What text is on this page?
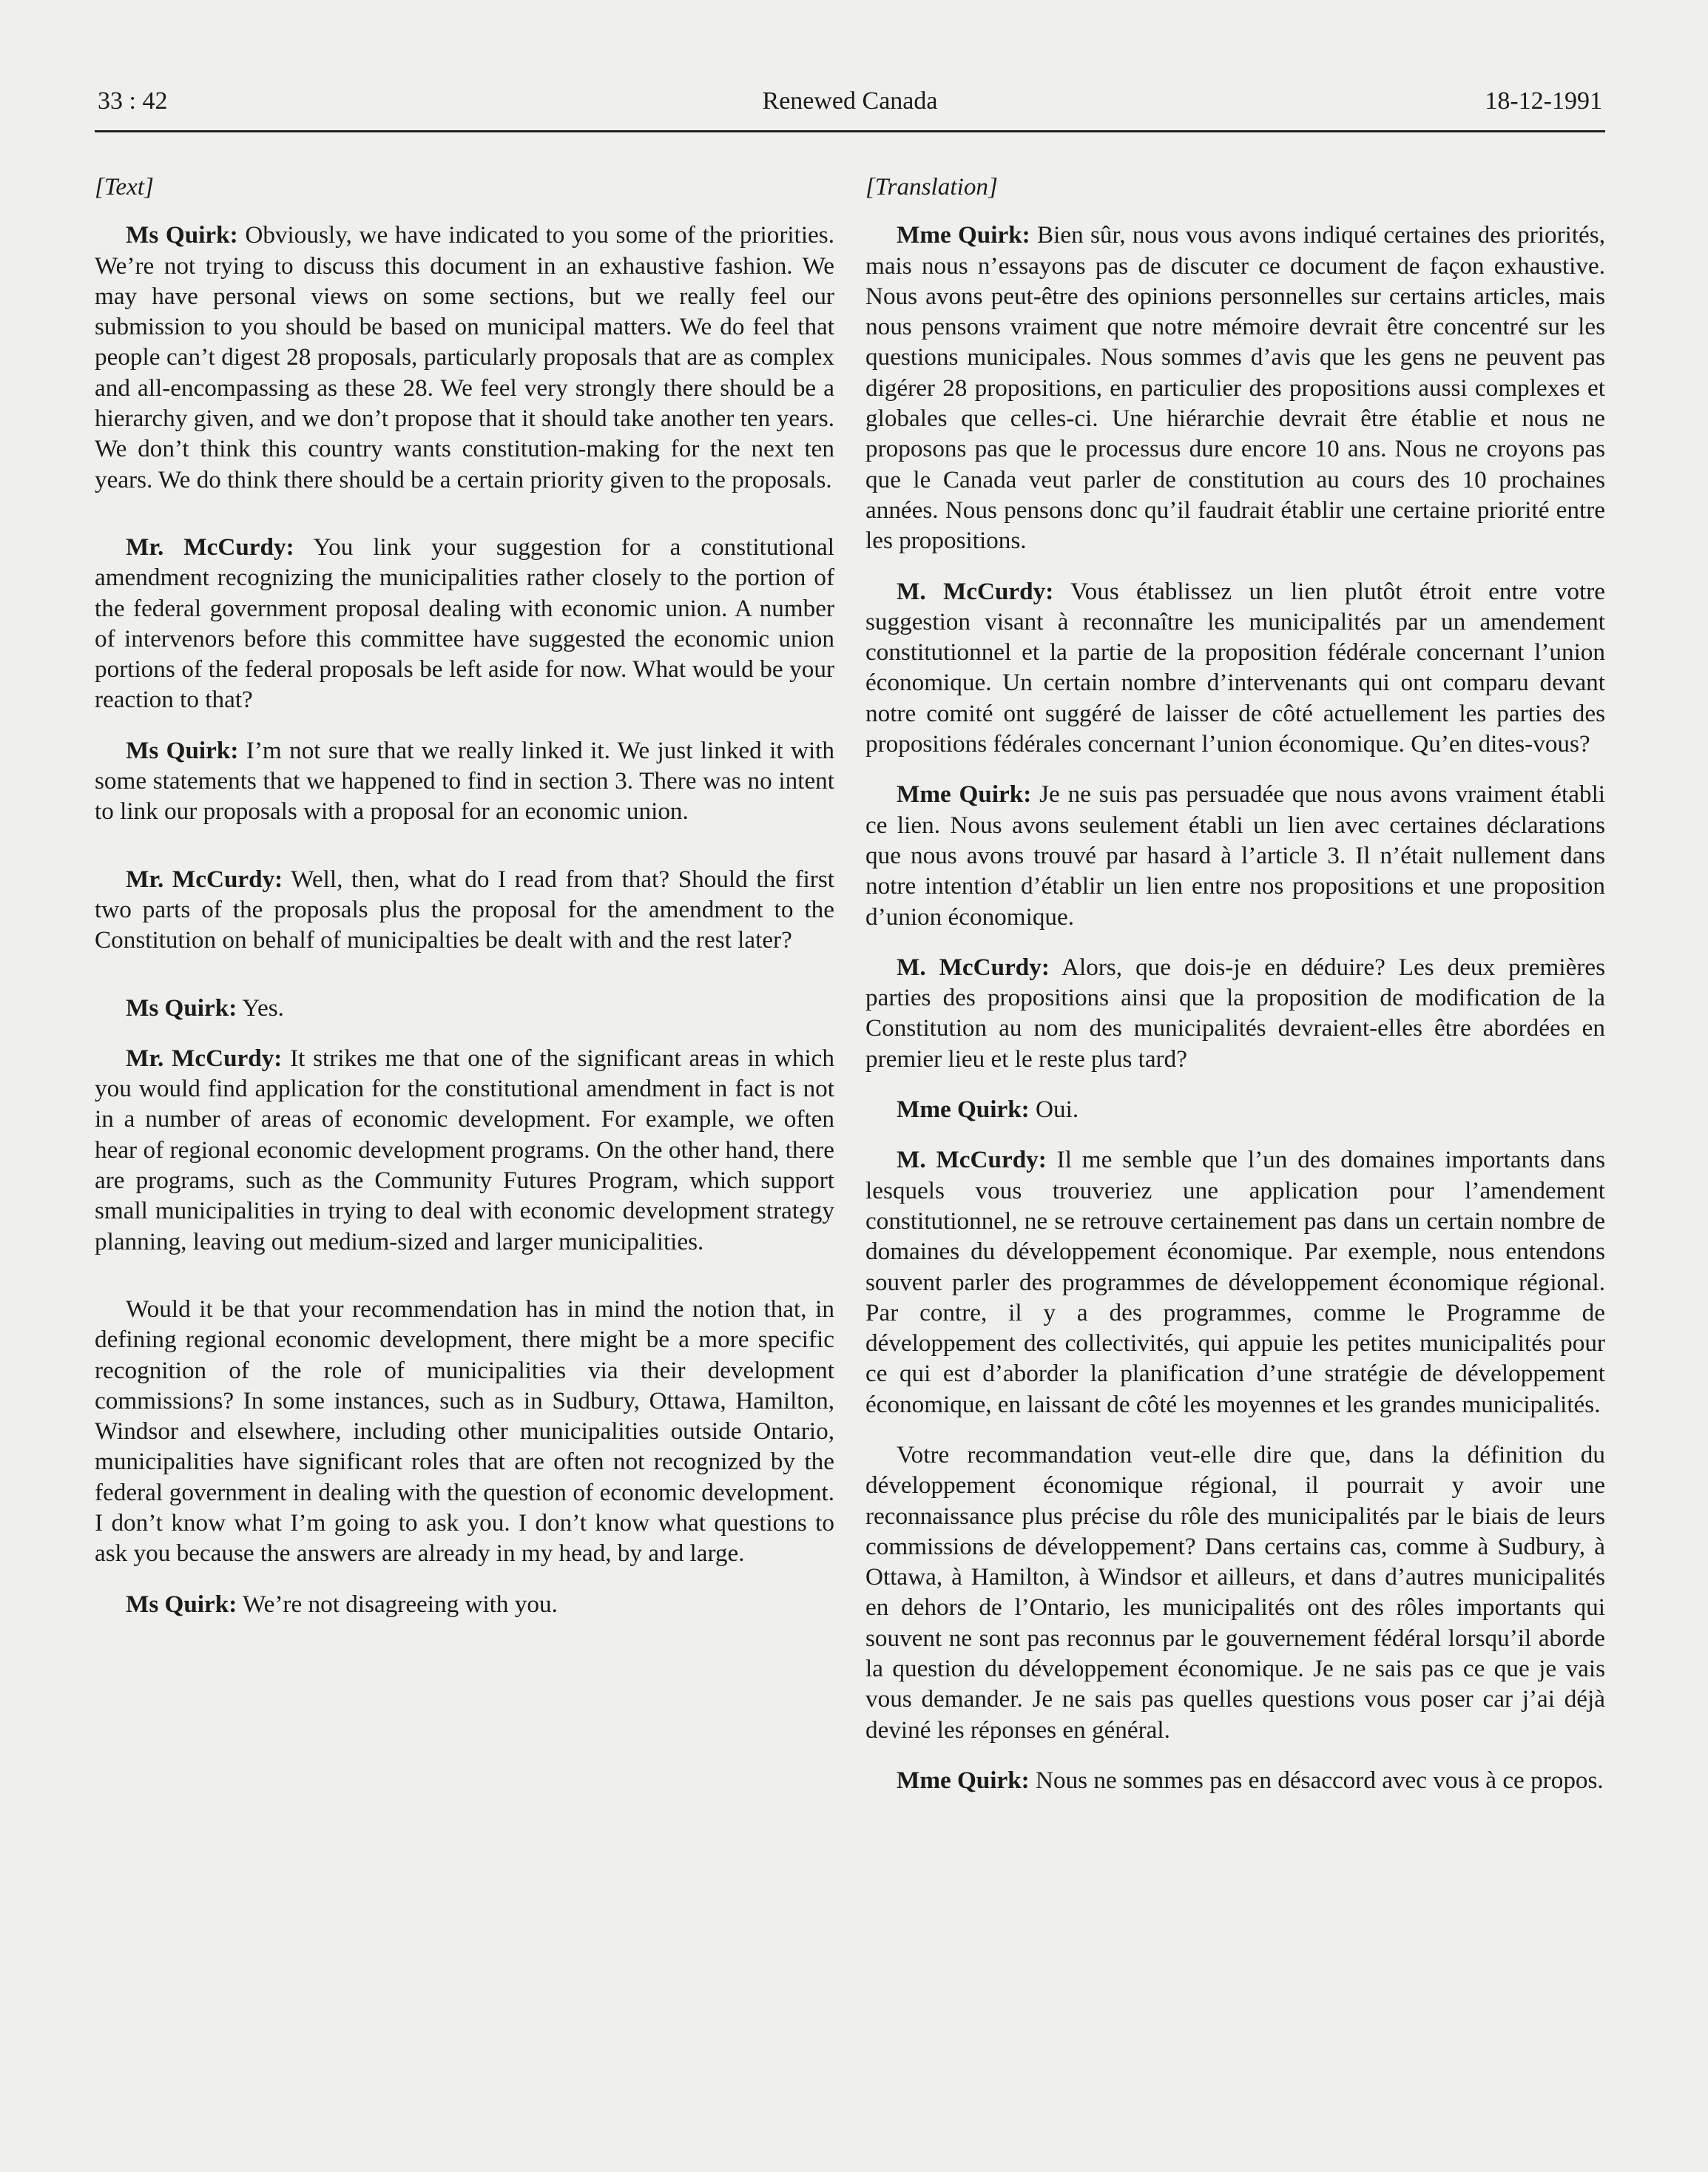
33 : 42	Renewed Canada	18-12-1991
[Text]

Ms Quirk: Obviously, we have indicated to you some of the priorities. We’re not trying to discuss this document in an exhaustive fashion. We may have personal views on some sections, but we really feel our submission to you should be based on municipal matters. We do feel that people can’t digest 28 proposals, particularly proposals that are as complex and all-encompassing as these 28. We feel very strongly there should be a hierarchy given, and we don’t propose that it should take another ten years. We don’t think this country wants constitution-making for the next ten years. We do think there should be a certain priority given to the proposals.

Mr. McCurdy: You link your suggestion for a constitutional amendment recognizing the municipalities rather closely to the portion of the federal government proposal dealing with economic union. A number of intervenors before this committee have suggested the economic union portions of the federal proposals be left aside for now. What would be your reaction to that?

Ms Quirk: I’m not sure that we really linked it. We just linked it with some statements that we happened to find in section 3. There was no intent to link our proposals with a proposal for an economic union.

Mr. McCurdy: Well, then, what do I read from that? Should the first two parts of the proposals plus the proposal for the amendment to the Constitution on behalf of municipalties be dealt with and the rest later?

Ms Quirk: Yes.

Mr. McCurdy: It strikes me that one of the significant areas in which you would find application for the constitutional amendment in fact is not in a number of areas of economic development. For example, we often hear of regional economic development programs. On the other hand, there are programs, such as the Community Futures Program, which support small municipalities in trying to deal with economic development strategy planning, leaving out medium-sized and larger municipalities.

Would it be that your recommendation has in mind the notion that, in defining regional economic development, there might be a more specific recognition of the role of municipalities via their development commissions? In some instances, such as in Sudbury, Ottawa, Hamilton, Windsor and elsewhere, including other municipalities outside Ontario, municipalities have significant roles that are often not recognized by the federal government in dealing with the question of economic development. I don’t know what I’m going to ask you. I don’t know what questions to ask you because the answers are already in my head, by and large.

Ms Quirk: We’re not disagreeing with you.

[Translation]

Mme Quirk: Bien sûr, nous vous avons indiqué certaines des priorités, mais nous n’essayons pas de discuter ce document de façon exhaustive. Nous avons peut-être des opinions personnelles sur certains articles, mais nous pensons vraiment que notre mémoire devrait être concentré sur les questions municipales. Nous sommes d’avis que les gens ne peuvent pas digérer 28 propositions, en particulier des propositions aussi complexes et globales que celles-ci. Une hiérarchie devrait être établie et nous ne proposons pas que le processus dure encore 10 ans. Nous ne croyons pas que le Canada veut parler de constitution au cours des 10 prochaines années. Nous pensons donc qu’il faudrait établir une certaine priorité entre les propositions.

M. McCurdy: Vous établissez un lien plutôt étroit entre votre suggestion visant à reconnaître les municipalités par un amendement constitutionnel et la partie de la proposition fédérale concernant l’union économique. Un certain nombre d’intervenants qui ont comparu devant notre comité ont suggéré de laisser de côté actuellement les parties des propositions fédérales concernant l’union économique. Qu’en dites-vous?

Mme Quirk: Je ne suis pas persuadée que nous avons vraiment établi ce lien. Nous avons seulement établi un lien avec certaines déclarations que nous avons trouvé par hasard à l’article 3. Il n’était nullement dans notre intention d’établir un lien entre nos propositions et une proposition d’union économique.

M. McCurdy: Alors, que dois-je en déduire? Les deux premières parties des propositions ainsi que la proposition de modification de la Constitution au nom des municipalités devraient-elles être abordées en premier lieu et le reste plus tard?

Mme Quirk: Oui.

M. McCurdy: Il me semble que l’un des domaines importants dans lesquels vous trouveriez une application pour l’amendement constitutionnel, ne se retrouve certainement pas dans un certain nombre de domaines du développement économique. Par exemple, nous entendons souvent parler des programmes de développement économique régional. Par contre, il y a des programmes, comme le Programme de développement des collectivités, qui appuie les petites municipalités pour ce qui est d’aborder la planification d’une stratégie de développement économique, en laissant de côté les moyennes et les grandes municipalités.

Votre recommandation veut-elle dire que, dans la définition du développement économique régional, il pourrait y avoir une reconnaissance plus précise du rôle des municipalités par le biais de leurs commissions de développement? Dans certains cas, comme à Sudbury, à Ottawa, à Hamilton, à Windsor et ailleurs, et dans d’autres municipalités en dehors de l’Ontario, les municipalités ont des rôles importants qui souvent ne sont pas reconnus par le gouvernement fédéral lorsqu’il aborde la question du développement économique. Je ne sais pas ce que je vais vous demander. Je ne sais pas quelles questions vous poser car j’ai déjà deviné les réponses en général.

Mme Quirk: Nous ne sommes pas en désaccord avec vous à ce propos.
